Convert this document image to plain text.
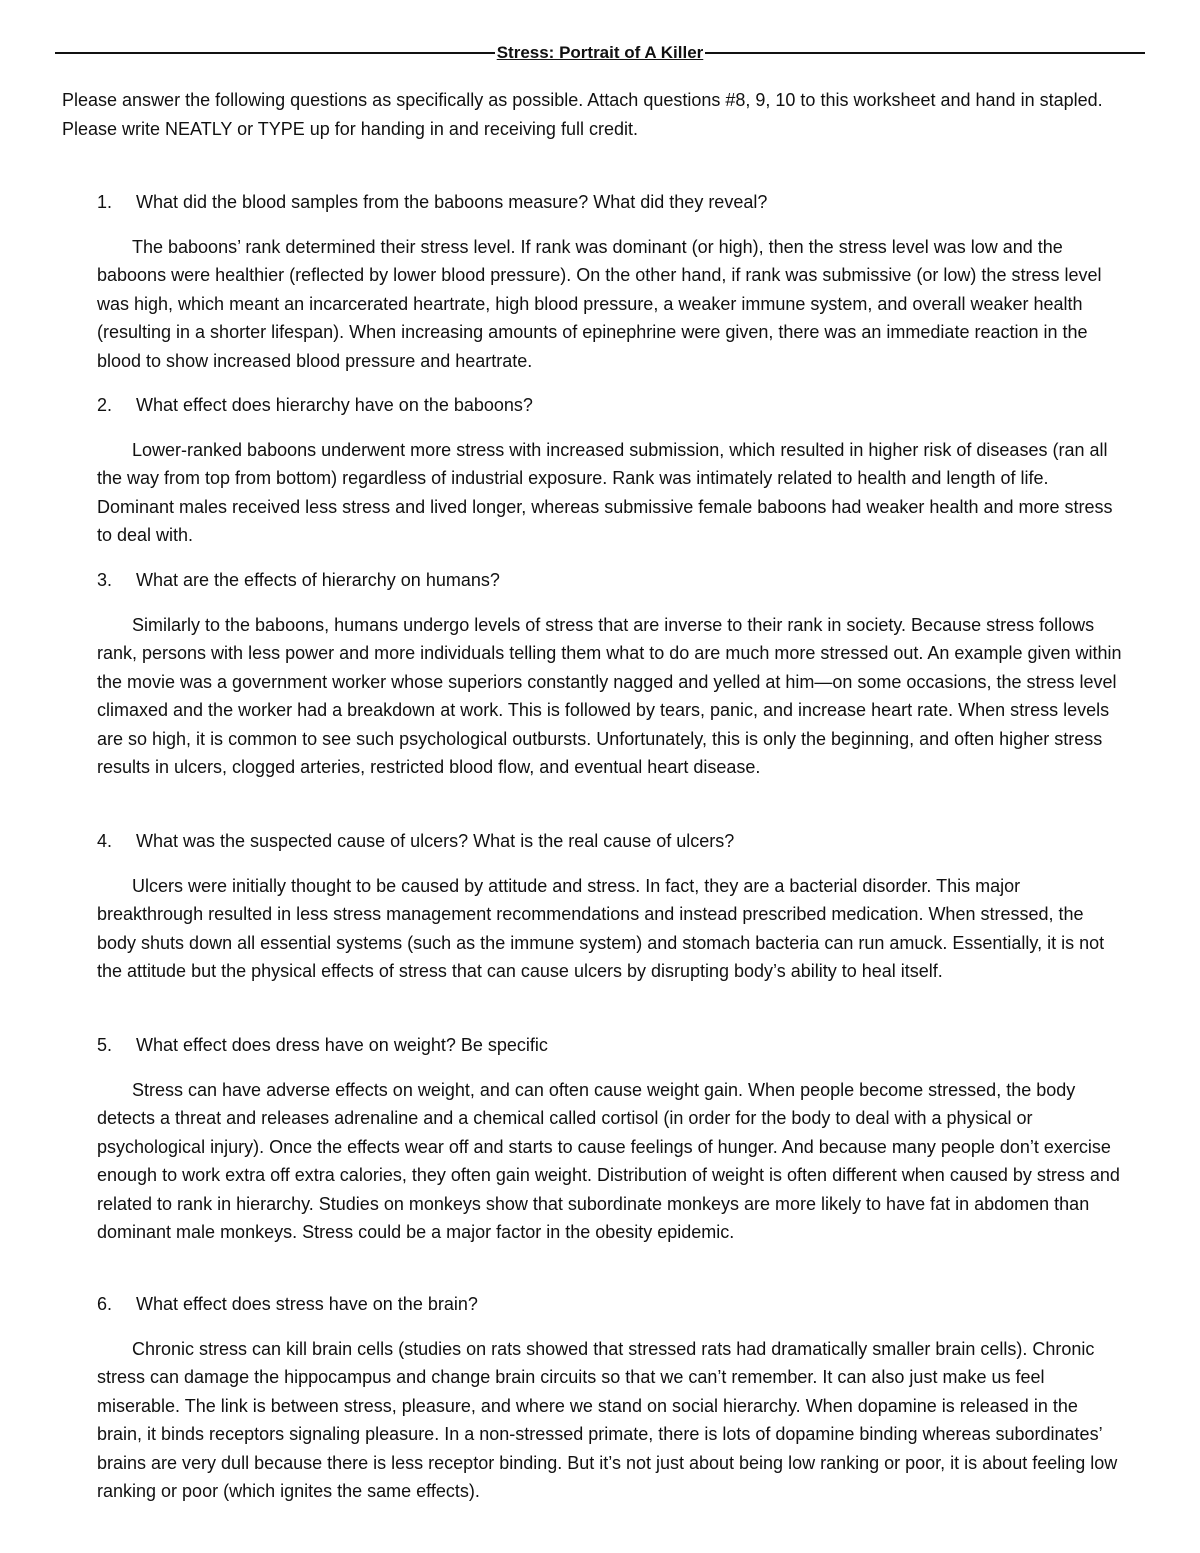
Stress: Portrait of A Killer

Please answer the following questions as specifically as possible. Attach questions #8, 9, 10 to this worksheet and hand in stapled. Please write NEATLY or TYPE up for handing in and receiving full credit.

1. What did the blood samples from the baboons measure? What did they reveal?

The baboons’ rank determined their stress level. If rank was dominant (or high), then the stress level was low and the baboons were healthier (reflected by lower blood pressure). On the other hand, if rank was submissive (or low) the stress level was high, which meant an incarcerated heartrate, high blood pressure, a weaker immune system, and overall weaker health (resulting in a shorter lifespan). When increasing amounts of epinephrine were given, there was an immediate reaction in the blood to show increased blood pressure and heartrate.

2. What effect does hierarchy have on the baboons?

Lower-ranked baboons underwent more stress with increased submission, which resulted in higher risk of diseases (ran all the way from top from bottom) regardless of industrial exposure. Rank was intimately related to health and length of life. Dominant males received less stress and lived longer, whereas submissive female baboons had weaker health and more stress to deal with.

3. What are the effects of hierarchy on humans?

Similarly to the baboons, humans undergo levels of stress that are inverse to their rank in society. Because stress follows rank, persons with less power and more individuals telling them what to do are much more stressed out. An example given within the movie was a government worker whose superiors constantly nagged and yelled at him—on some occasions, the stress level climaxed and the worker had a breakdown at work. This is followed by tears, panic, and increase heart rate. When stress levels are so high, it is common to see such psychological outbursts. Unfortunately, this is only the beginning, and often higher stress results in ulcers, clogged arteries, restricted blood flow, and eventual heart disease.

4. What was the suspected cause of ulcers? What is the real cause of ulcers?

Ulcers were initially thought to be caused by attitude and stress. In fact, they are a bacterial disorder. This major breakthrough resulted in less stress management recommendations and instead prescribed medication. When stressed, the body shuts down all essential systems (such as the immune system) and stomach bacteria can run amuck. Essentially, it is not the attitude but the physical effects of stress that can cause ulcers by disrupting body’s ability to heal itself.

5. What effect does dress have on weight? Be specific

Stress can have adverse effects on weight, and can often cause weight gain. When people become stressed, the body detects a threat and releases adrenaline and a chemical called cortisol (in order for the body to deal with a physical or psychological injury). Once the effects wear off and starts to cause feelings of hunger. And because many people don’t exercise enough to work extra off extra calories, they often gain weight. Distribution of weight is often different when caused by stress and related to rank in hierarchy. Studies on monkeys show that subordinate monkeys are more likely to have fat in abdomen than dominant male monkeys. Stress could be a major factor in the obesity epidemic.

6. What effect does stress have on the brain?

Chronic stress can kill brain cells (studies on rats showed that stressed rats had dramatically smaller brain cells). Chronic stress can damage the hippocampus and change brain circuits so that we can’t remember. It can also just make us feel miserable. The link is between stress, pleasure, and where we stand on social hierarchy. When dopamine is released in the brain, it binds receptors signaling pleasure. In a non-stressed primate, there is lots of dopamine binding whereas subordinates’ brains are very dull because there is less receptor binding. But it’s not just about being low ranking or poor, it is about feeling low ranking or poor (which ignites the same effects).
